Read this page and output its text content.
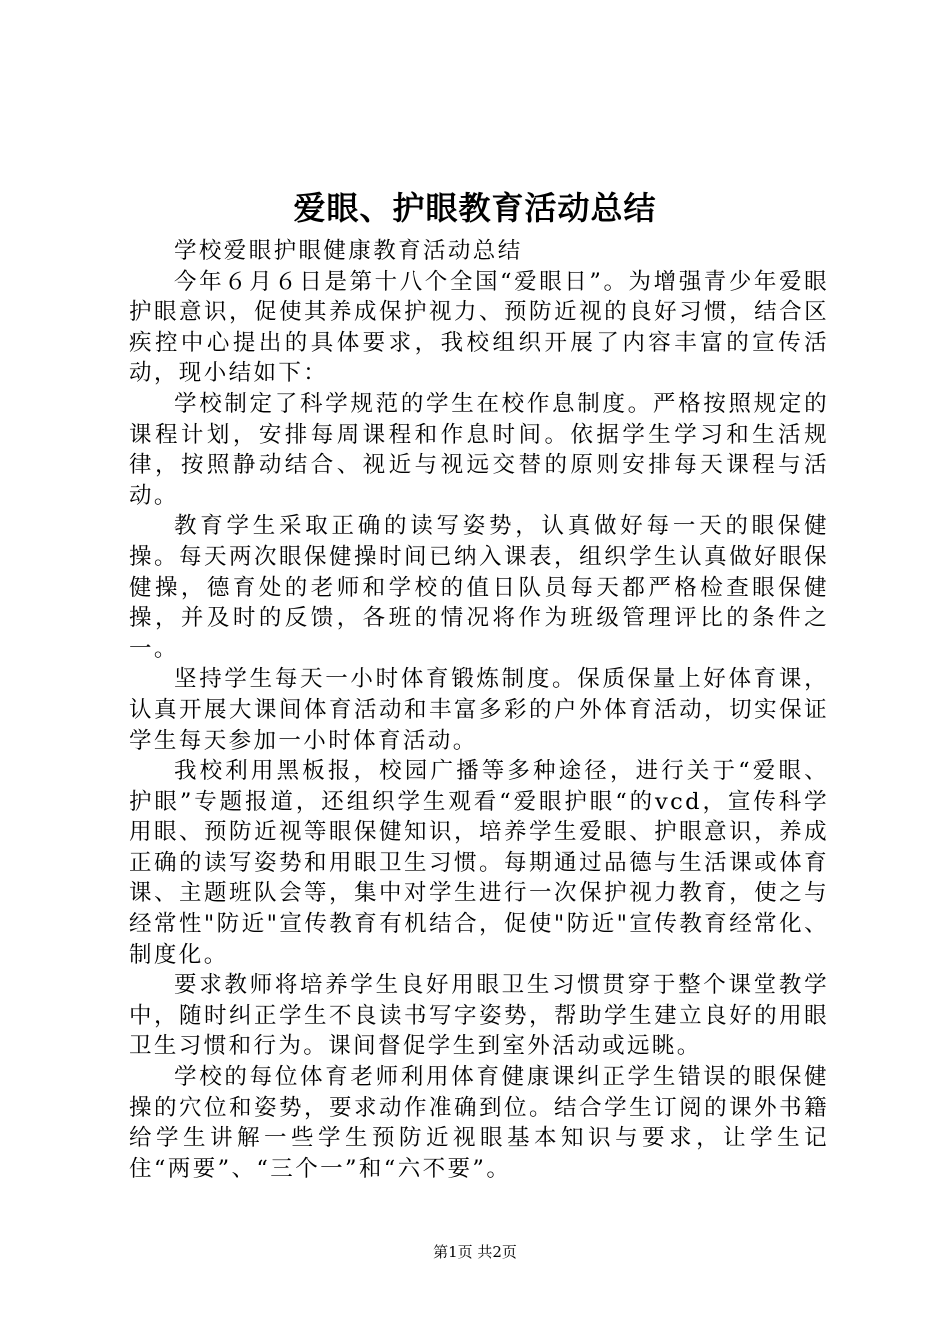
爱眼、护眼教育活动总结

学校爱眼护眼健康教育活动总结

今年６月６日是第十八个全国“爱眼日”。为增强青少年爱眼护眼意识，促使其养成保护视力、预防近视的良好习惯，结合区疾控中心提出的具体要求，我校组织开展了内容丰富的宣传活动，现小结如下：

学校制定了科学规范的学生在校作息制度。严格按照规定的课程计划，安排每周课程和作息时间。依据学生学习和生活规律，按照静动结合、视近与视远交替的原则安排每天课程与活动。

教育学生采取正确的读写姿势，认真做好每一天的眼保健操。每天两次眼保健操时间已纳入课表，组织学生认真做好眼保健操，德育处的老师和学校的值日队员每天都严格检查眼保健操，并及时的反馈，各班的情况将作为班级管理评比的条件之一。

坚持学生每天一小时体育锻炼制度。保质保量上好体育课，认真开展大课间体育活动和丰富多彩的户外体育活动，切实保证学生每天参加一小时体育活动。

我校利用黑板报，校园广播等多种途径，进行关于“爱眼、护眼”专题报道，还组织学生观看“爱眼护眼“的vcd，宣传科学用眼、预防近视等眼保健知识，培养学生爱眼、护眼意识，养成正确的读写姿势和用眼卫生习惯。每期通过品德与生活课或体育课、主题班队会等，集中对学生进行一次保护视力教育，使之与经常性"防近"宣传教育有机结合，促使"防近"宣传教育经常化、制度化。

要求教师将培养学生良好用眼卫生习惯贯穿于整个课堂教学中，随时纠正学生不良读书写字姿势，帮助学生建立良好的用眼卫生习惯和行为。课间督促学生到室外活动或远眺。

学校的每位体育老师利用体育健康课纠正学生错误的眼保健操的穴位和姿势，要求动作准确到位。结合学生订阅的课外书籍给学生讲解一些学生预防近视眼基本知识与要求，让学生记住“两要”、“三个一”和“六不要”。

第1页 共2页
